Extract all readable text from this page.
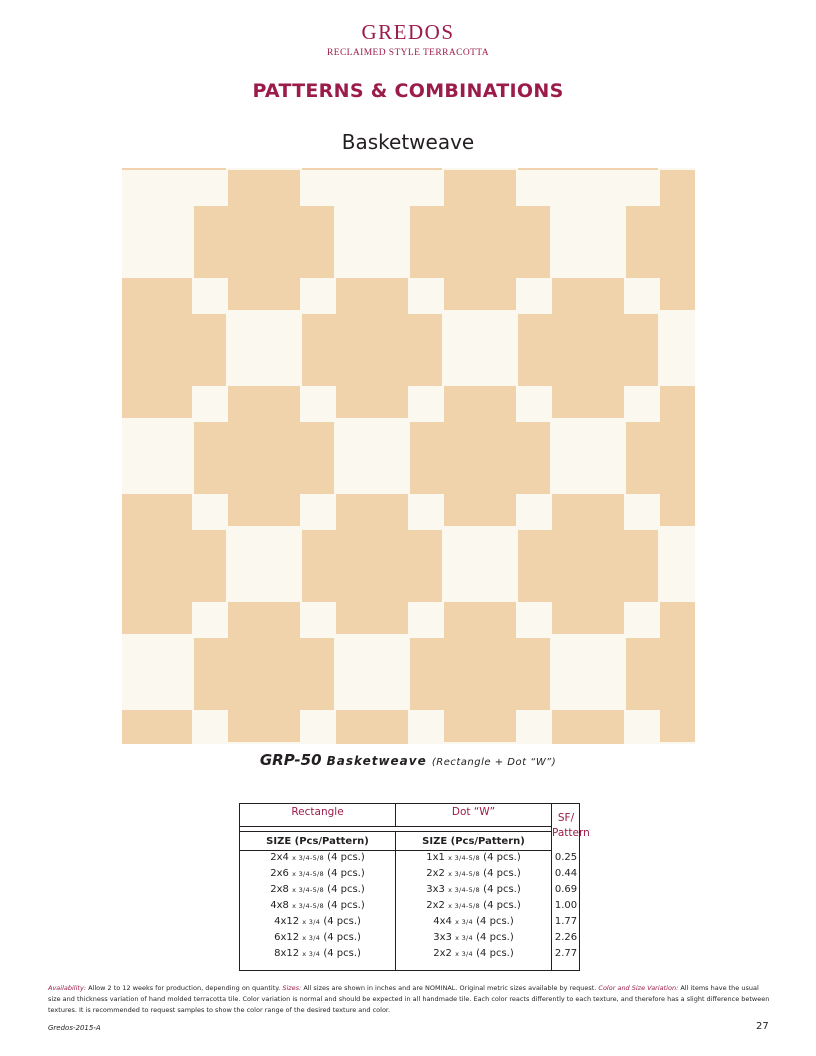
GREDOS
RECLAIMED STYLE TERRACOTTA
PATTERNS & COMBINATIONS
Basketweave
GRP-50 Basketweave (Rectangle + Dot “W”)
Rectangle	Dot “W”	SF/ Pattern
SIZE (Pcs/Pattern)	SIZE (Pcs/Pattern)
2x4 x 3/4-5/8 (4 pcs.)	1x1 x 3/4-5/8 (4 pcs.)	0.25
2x6 x 3/4-5/8 (4 pcs.)	2x2 x 3/4-5/8 (4 pcs.)	0.44
2x8 x 3/4-5/8 (4 pcs.)	3x3 x 3/4-5/8 (4 pcs.)	0.69
4x8 x 3/4-5/8 (4 pcs.)	2x2 x 3/4-5/8 (4 pcs.)	1.00
4x12 x 3/4 (4 pcs.)	4x4 x 3/4 (4 pcs.)	1.77
6x12 x 3/4 (4 pcs.)	3x3 x 3/4 (4 pcs.)	2.26
8x12 x 3/4 (4 pcs.)	2x2 x 3/4 (4 pcs.)	2.77
Availability: Allow 2 to 12 weeks for production, depending on quantity. Sizes: All sizes are shown in inches and are NOMINAL. Original metric sizes available by request. Color and Size Variation: All items have the usual size and thickness variation of hand molded terracotta tile. Color variation is normal and should be expected in all handmade tile. Each color reacts differently to each texture, and therefore has a slight difference between textures. It is recommended to request samples to show the color range of the desired texture and color.
Gredos-2015-A	27
